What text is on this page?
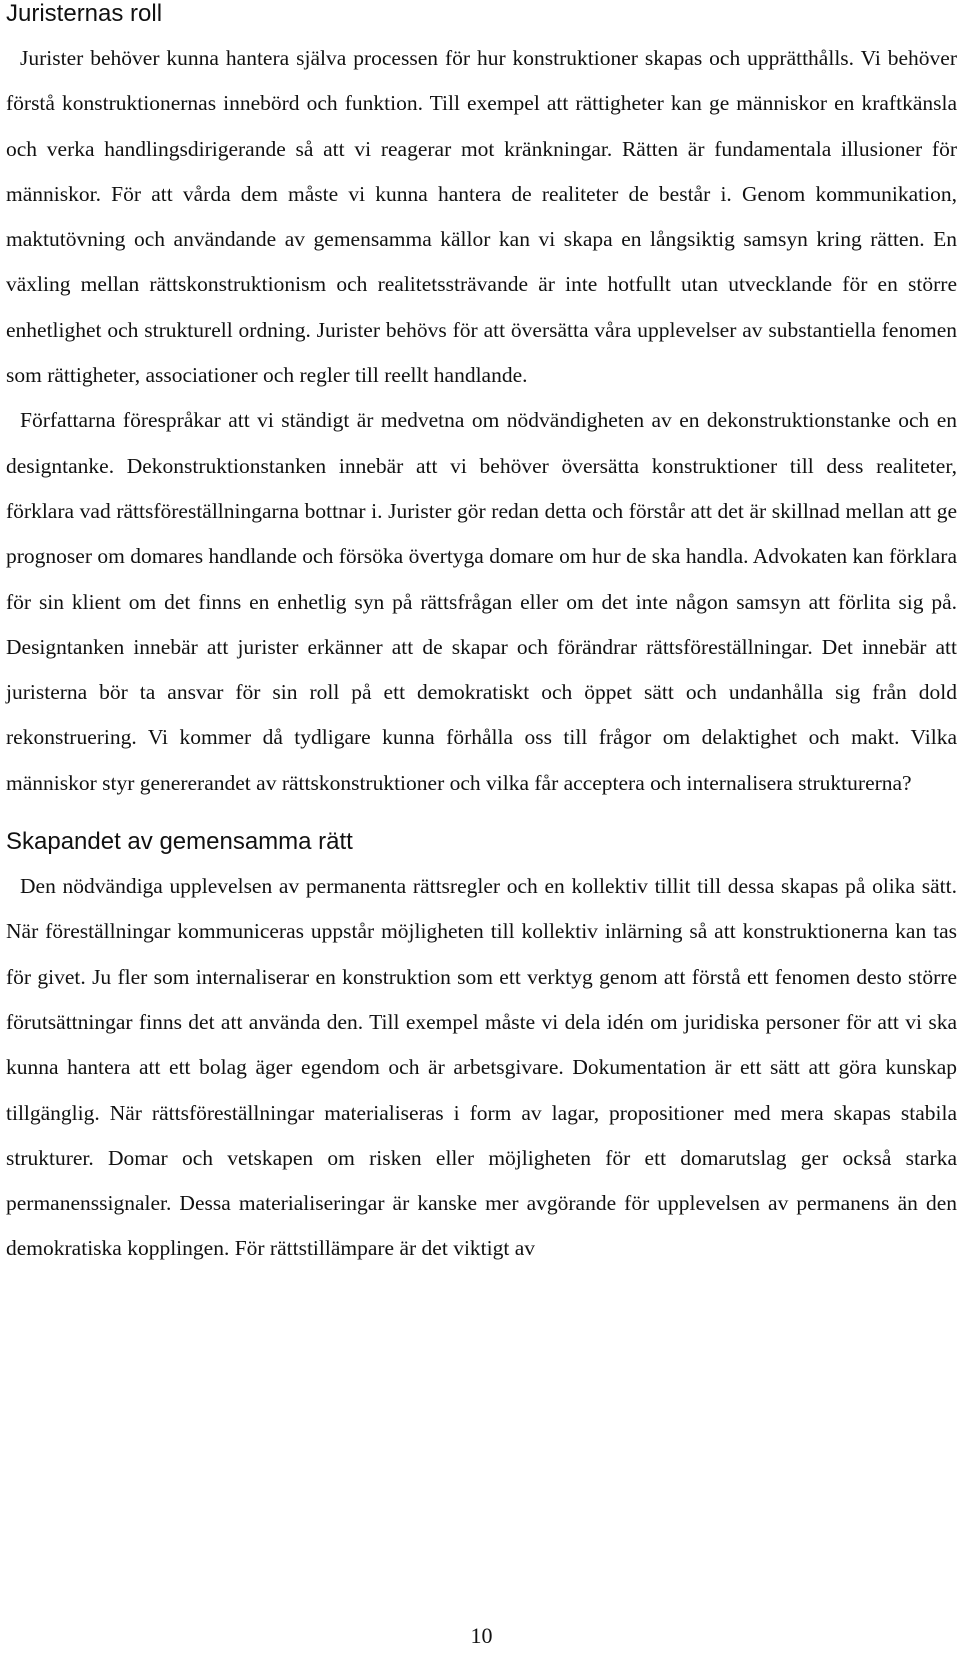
Juristernas roll

Jurister behöver kunna hantera själva processen för hur konstruktioner skapas och upprätthålls. Vi behöver förstå konstruktionernas innebörd och funktion. Till exempel att rättigheter kan ge människor en kraftkänsla och verka handlingsdirigerande så att vi reagerar mot kränkningar. Rätten är fundamentala illusioner för människor. För att vårda dem måste vi kunna hantera de realiteter de består i. Genom kommunikation, maktutövning och användande av gemensamma källor kan vi skapa en långsiktig samsyn kring rätten. En växling mellan rättskonstruktionism och realitetssträvande är inte hotfullt utan utvecklande för en större enhetlighet och strukturell ordning. Jurister behövs för att översätta våra upplevelser av substantiella fenomen som rättigheter, associationer och regler till reellt handlande.

Författarna förespråkar att vi ständigt är medvetna om nödvändigheten av en dekonstruktionstanke och en designtanke. Dekonstruktionstanken innebär att vi behöver översätta konstruktioner till dess realiteter, förklara vad rättsföreställningarna bottnar i. Jurister gör redan detta och förstår att det är skillnad mellan att ge prognoser om domares handlande och försöka övertyga domare om hur de ska handla. Advokaten kan förklara för sin klient om det finns en enhetlig syn på rättsfrågan eller om det inte någon samsyn att förlita sig på. Designtanken innebär att jurister erkänner att de skapar och förändrar rättsföreställningar. Det innebär att juristerna bör ta ansvar för sin roll på ett demokratiskt och öppet sätt och undanhålla sig från dold rekonstruering. Vi kommer då tydligare kunna förhålla oss till frågor om delaktighet och makt. Vilka människor styr genererandet av rättskonstruktioner och vilka får acceptera och internalisera strukturerna?

Skapandet av gemensamma rätt

Den nödvändiga upplevelsen av permanenta rättsregler och en kollektiv tillit till dessa skapas på olika sätt. När föreställningar kommuniceras uppstår möjligheten till kollektiv inlärning så att konstruktionerna kan tas för givet. Ju fler som internaliserar en konstruktion som ett verktyg genom att förstå ett fenomen desto större förutsättningar finns det att använda den. Till exempel måste vi dela idén om juridiska personer för att vi ska kunna hantera att ett bolag äger egendom och är arbetsgivare. Dokumentation är ett sätt att göra kunskap tillgänglig. När rättsföreställningar materialiseras i form av lagar, propositioner med mera skapas stabila strukturer. Domar och vetskapen om risken eller möjligheten för ett domarutslag ger också starka permanenssignaler. Dessa materialiseringar är kanske mer avgörande för upplevelsen av permanens än den demokratiska kopplingen. För rättstillämpare är det viktigt av

10
